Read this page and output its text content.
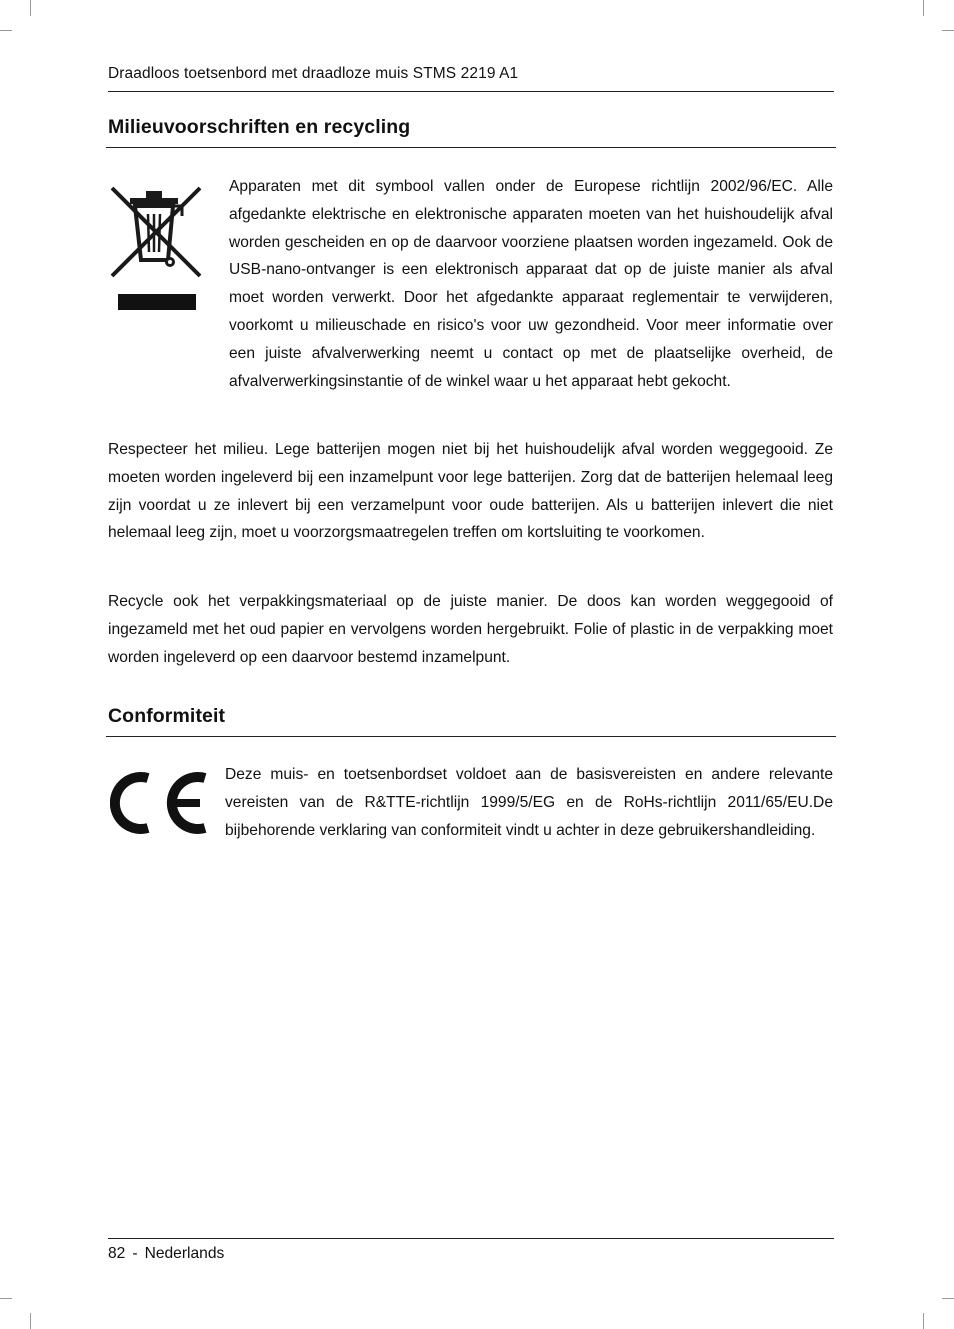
Draadloos toetsenbord met draadloze muis STMS 2219 A1
Milieuvoorschriften en recycling
Apparaten met dit symbool vallen onder de Europese richtlijn 2002/96/EC. Alle afgedankte elektrische en elektronische apparaten moeten van het huishoudelijk afval worden gescheiden en op de daarvoor voorziene plaatsen worden ingezameld. Ook de USB-nano-ontvanger is een elektronisch apparaat dat op de juiste manier als afval moet worden verwerkt. Door het afgedankte apparaat reglementair te verwijderen, voorkomt u milieuschade en risico's voor uw gezondheid. Voor meer informatie over een juiste afvalverwerking neemt u contact op met de plaatselijke overheid, de afvalverwerkingsinstantie of de winkel waar u het apparaat hebt gekocht.
Respecteer het milieu. Lege batterijen mogen niet bij het huishoudelijk afval worden weggegooid. Ze moeten worden ingeleverd bij een inzamelpunt voor lege batterijen. Zorg dat de batterijen helemaal leeg zijn voordat u ze inlevert bij een verzamelpunt voor oude batterijen. Als u batterijen inlevert die niet helemaal leeg zijn, moet u voorzorgsmaatregelen treffen om kortsluiting te voorkomen.
Recycle ook het verpakkingsmateriaal op de juiste manier. De doos kan worden weggegooid of ingezameld met het oud papier en vervolgens worden hergebruikt. Folie of plastic in de verpakking moet worden ingeleverd op een daarvoor bestemd inzamelpunt.
Conformiteit
Deze muis- en toetsenbordset voldoet aan de basisvereisten en andere relevante vereisten van de R&TTE-richtlijn 1999/5/EG en de RoHs-richtlijn 2011/65/EU.De bijbehorende verklaring van conformiteit vindt u achter in deze gebruikershandleiding.
82 - Nederlands
